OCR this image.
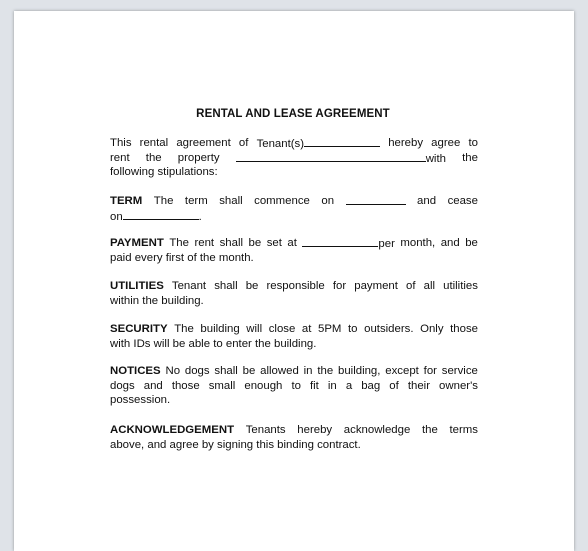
RENTAL AND LEASE AGREEMENT
This rental agreement of Tenant(s)	hereby agree to
rent the property	with the
following stipulations:
TERM The term shall commence on	and cease
on	.
PAYMENT The rent shall be set at	per month, and be
paid every first of the month.
UTILITIES Tenant shall be responsible for payment of all utilities
within the building.
SECURITY The building will close at 5PM to outsiders. Only those
with IDs will be able to enter the building.
NOTICES No dogs shall be allowed in the building, except for service
dogs and those small enough to fit in a bag of their owner's
possession.
ACKNOWLEDGEMENT Tenants hereby acknowledge the terms
above, and agree by signing this binding contract.
